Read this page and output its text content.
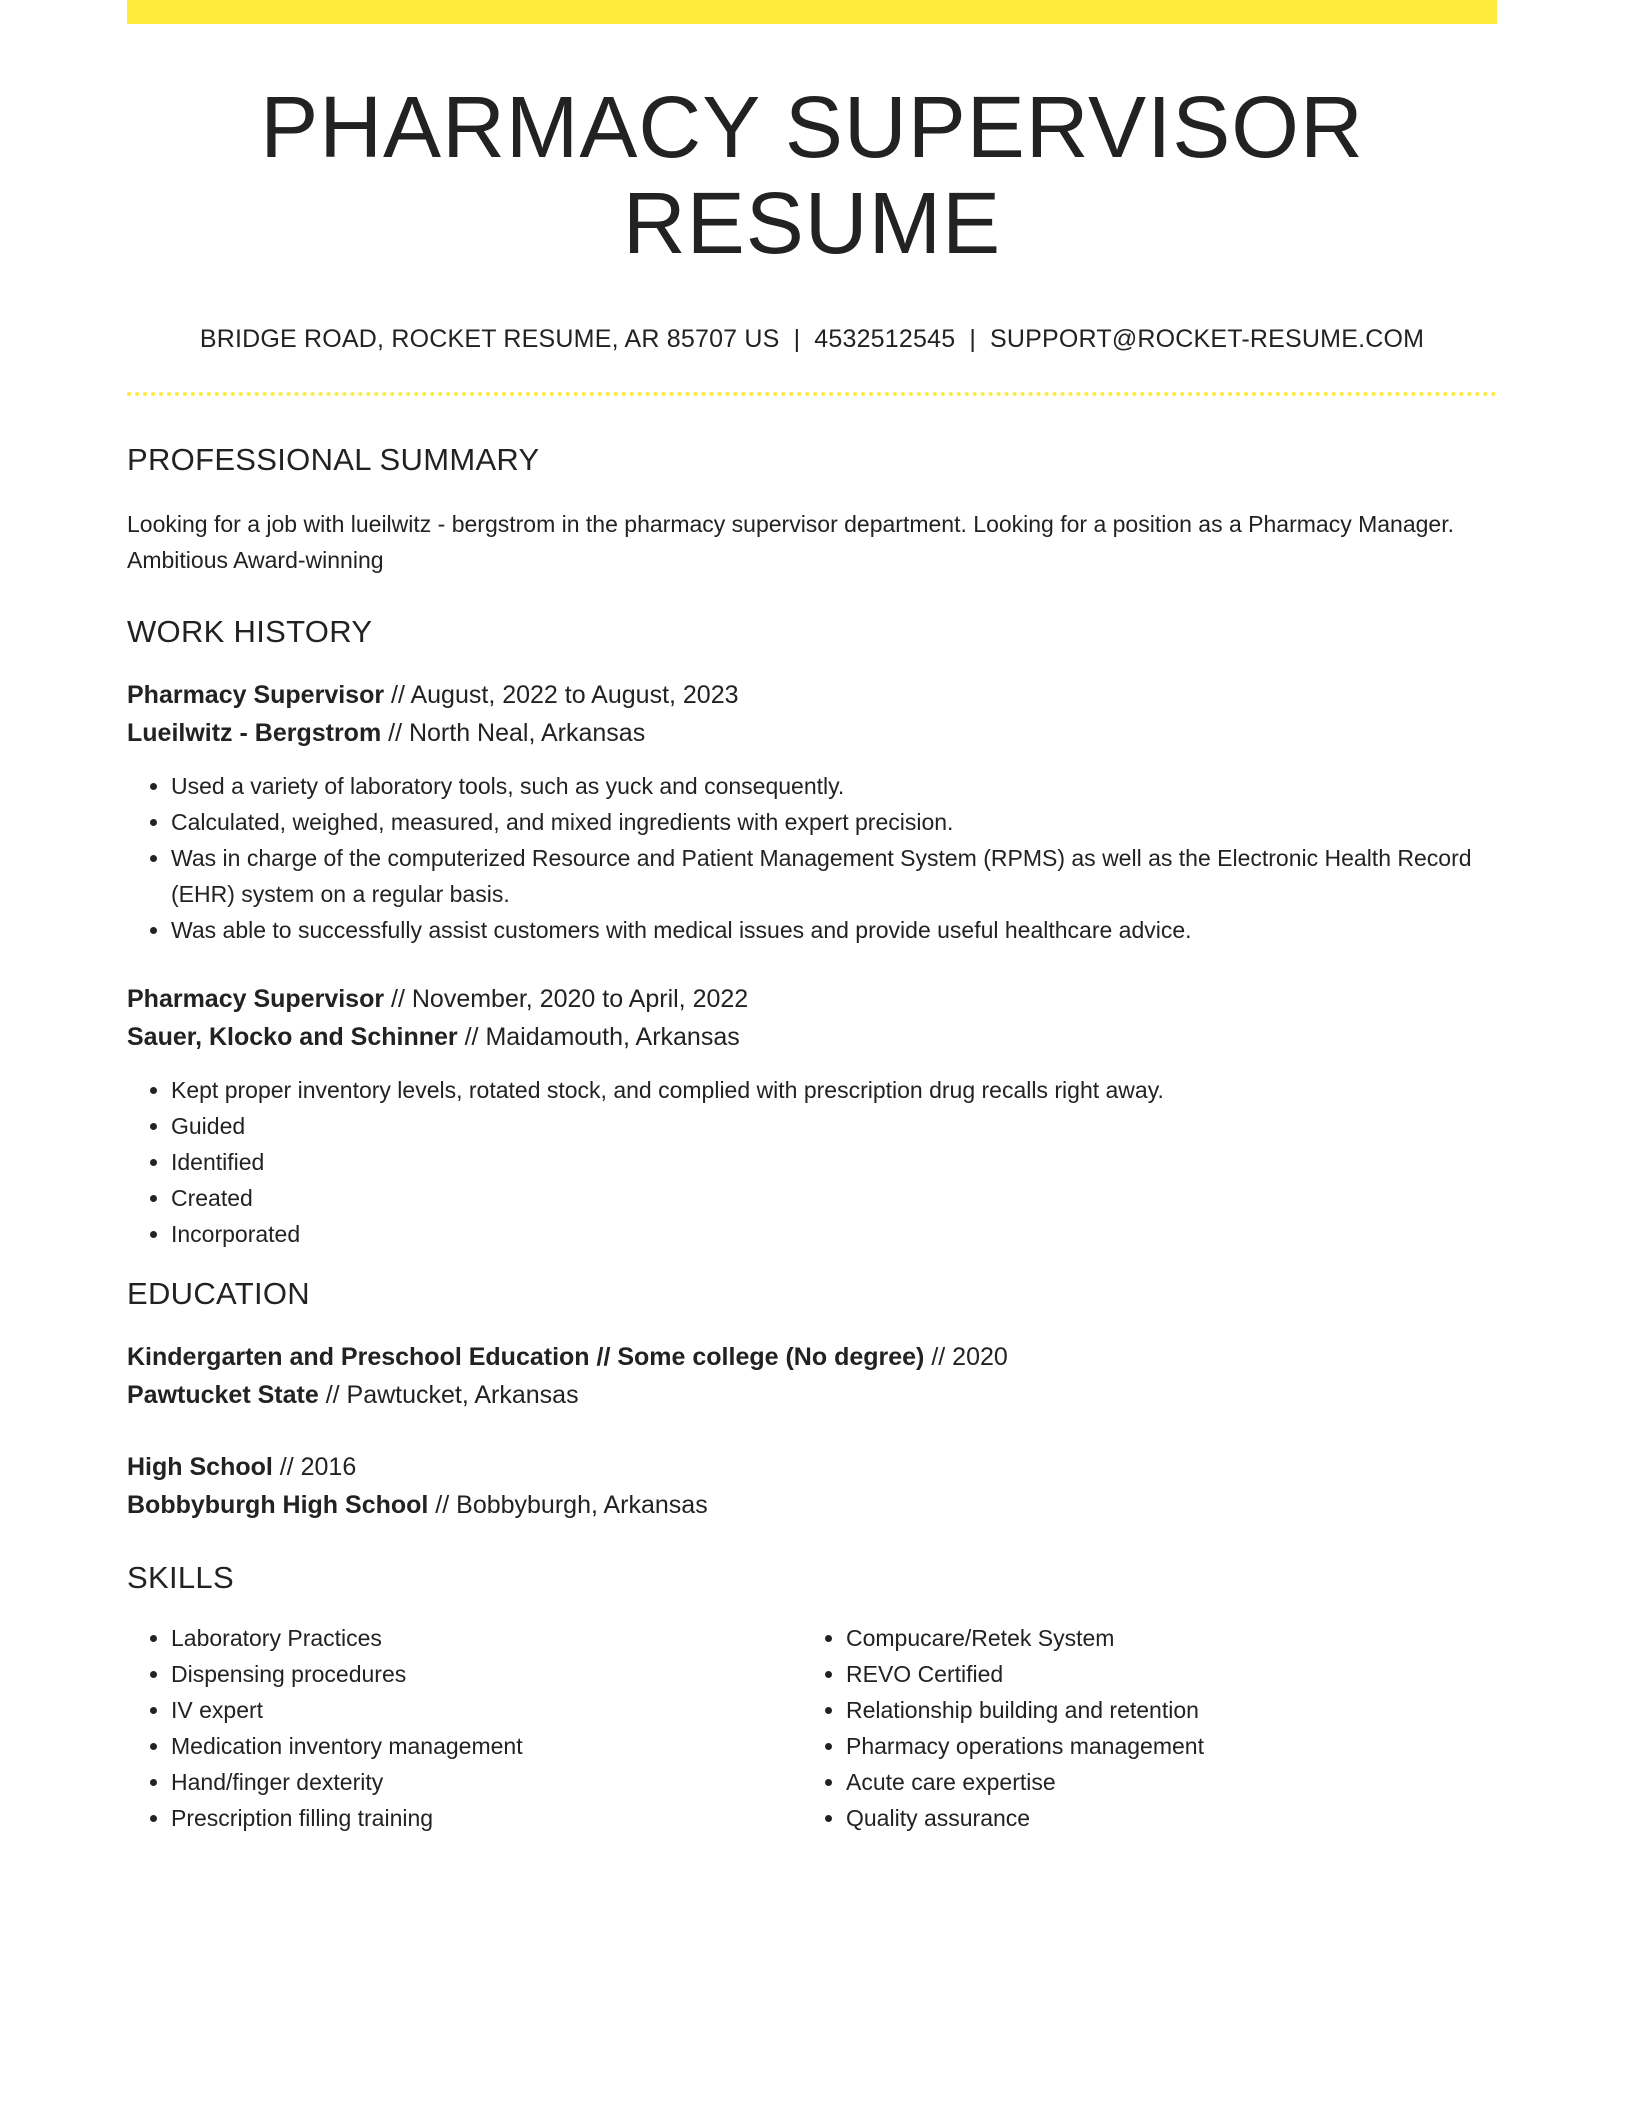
PHARMACY SUPERVISOR RESUME
BRIDGE ROAD, ROCKET RESUME, AR 85707 US | 4532512545 | SUPPORT@ROCKET-RESUME.COM
PROFESSIONAL SUMMARY
Looking for a job with lueilwitz - bergstrom in the pharmacy supervisor department. Looking for a position as a Pharmacy Manager. Ambitious Award-winning
WORK HISTORY
Pharmacy Supervisor // August, 2022 to August, 2023
Lueilwitz - Bergstrom // North Neal, Arkansas
• Used a variety of laboratory tools, such as yuck and consequently.
• Calculated, weighed, measured, and mixed ingredients with expert precision.
• Was in charge of the computerized Resource and Patient Management System (RPMS) as well as the Electronic Health Record (EHR) system on a regular basis.
• Was able to successfully assist customers with medical issues and provide useful healthcare advice.
Pharmacy Supervisor // November, 2020 to April, 2022
Sauer, Klocko and Schinner // Maidamouth, Arkansas
• Kept proper inventory levels, rotated stock, and complied with prescription drug recalls right away.
• Guided
• Identified
• Created
• Incorporated
EDUCATION
Kindergarten and Preschool Education // Some college (No degree) // 2020
Pawtucket State // Pawtucket, Arkansas
High School // 2016
Bobbyburgh High School // Bobbyburgh, Arkansas
SKILLS
• Laboratory Practices
• Dispensing procedures
• IV expert
• Medication inventory management
• Hand/finger dexterity
• Prescription filling training
• Compucare/Retek System
• REVO Certified
• Relationship building and retention
• Pharmacy operations management
• Acute care expertise
• Quality assurance
